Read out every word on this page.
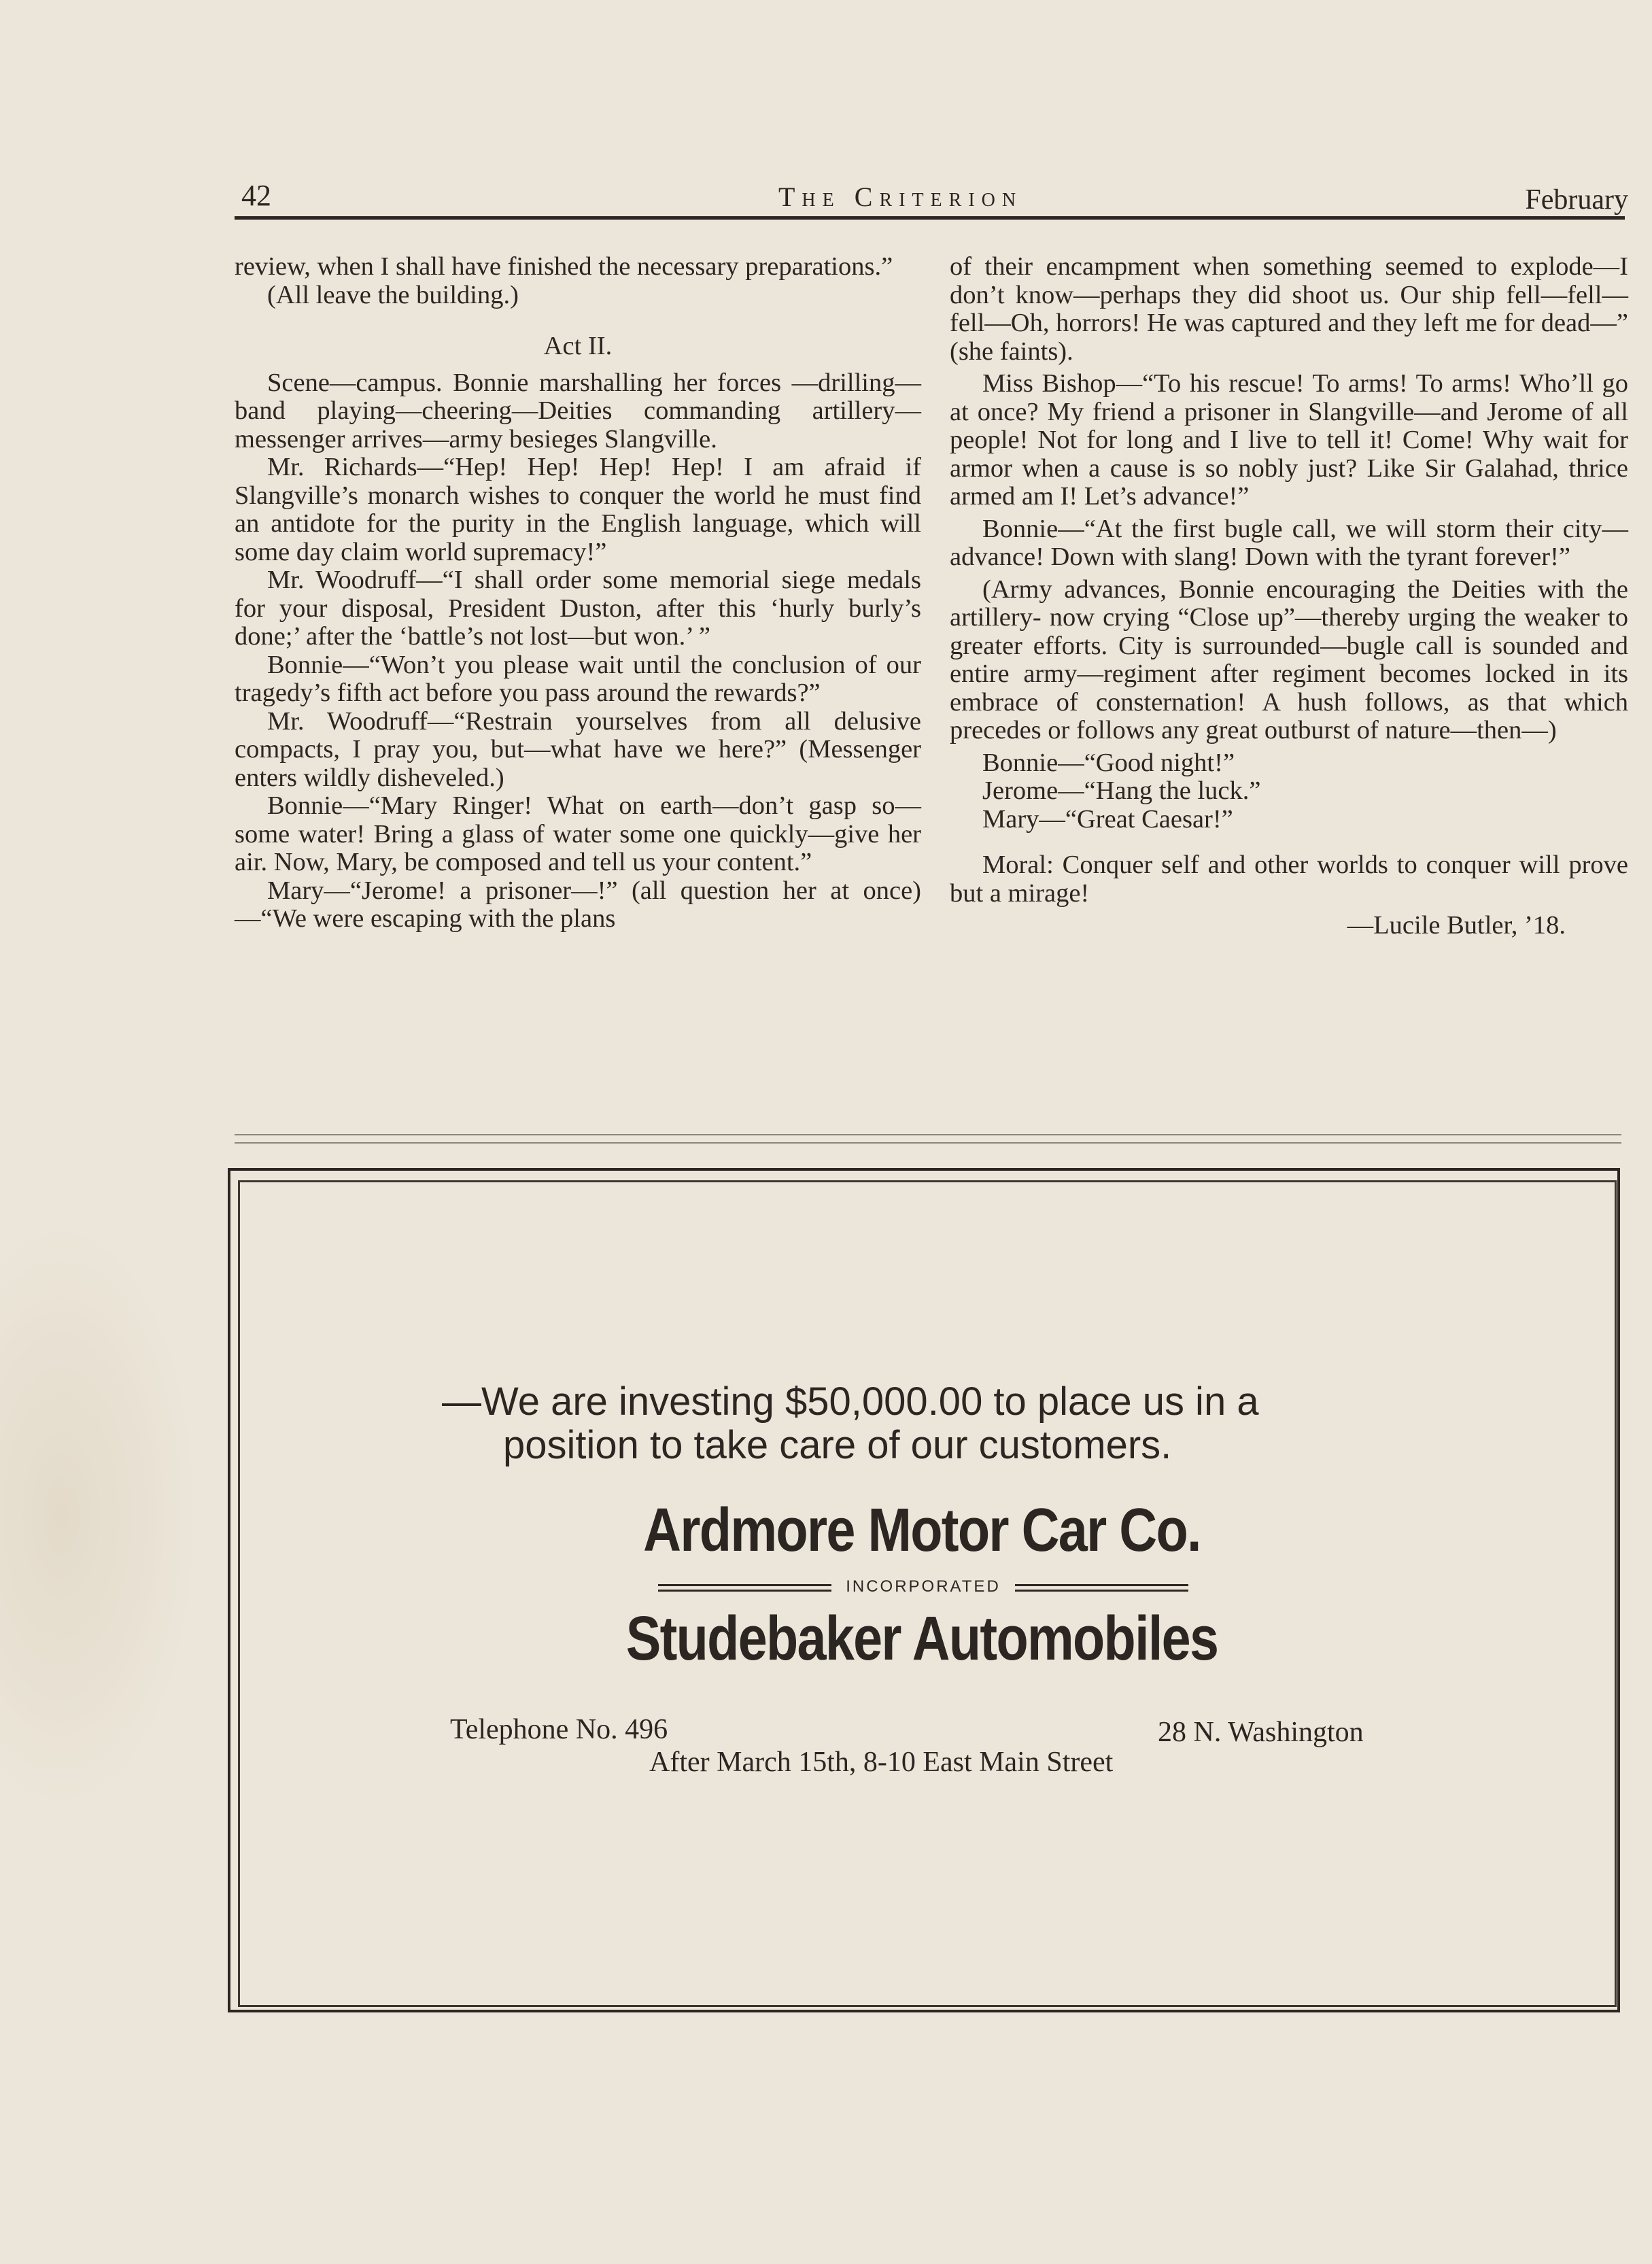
42	The Criterion	February

review, when I shall have finished the necessary preparations.”

(All leave the building.)

Act II.

Scene—campus. Bonnie marshalling her forces —drilling—band playing—cheering—Deities commanding artillery—messenger arrives—army besieges Slangville.

Mr. Richards—“Hep! Hep! Hep! Hep! I am afraid if Slangville’s monarch wishes to conquer the world he must find an antidote for the purity in the English language, which will some day claim world supremacy!”

Mr. Woodruff—“I shall order some memorial siege medals for your disposal, President Duston, after this ‘hurly burly’s done;’ after the ‘battle’s not lost—but won.’ ”

Bonnie—“Won’t you please wait until the conclusion of our tragedy’s fifth act before you pass around the rewards?”

Mr. Woodruff—“Restrain yourselves from all delusive compacts, I pray you, but—what have we here?” (Messenger enters wildly disheveled.)

Bonnie—“Mary Ringer! What on earth—don’t gasp so—some water! Bring a glass of water some one quickly—give her air. Now, Mary, be composed and tell us your content.”

Mary—“Jerome! a prisoner—!” (all question her at once)—“We were escaping with the plans

of their encampment when something seemed to explode—I don’t know—perhaps they did shoot us. Our ship fell—fell—fell—Oh, horrors! He was captured and they left me for dead—” (she faints).

Miss Bishop—“To his rescue! To arms! To arms! Who’ll go at once? My friend a prisoner in Slangville—and Jerome of all people! Not for long and I live to tell it! Come! Why wait for armor when a cause is so nobly just? Like Sir Galahad, thrice armed am I! Let’s advance!”

Bonnie—“At the first bugle call, we will storm their city—advance! Down with slang! Down with the tyrant forever!”

(Army advances, Bonnie encouraging the Deities with the artillery- now crying “Close up”—thereby urging the weaker to greater efforts. City is surrounded—bugle call is sounded and entire army—regiment after regiment becomes locked in its embrace of consternation! A hush follows, as that which precedes or follows any great outburst of nature—then—)

Bonnie—“Good night!”

Jerome—“Hang the luck.”

Mary—“Great Caesar!”

Moral: Conquer self and other worlds to conquer will prove but a mirage!

—Lucile Butler, ’18.

—We are investing $50,000.00 to place us in a
position to take care of our customers.
Ardmore Motor Car Co.
INCORPORATED
Studebaker Automobiles
Telephone No. 496	28 N. Washington
After March 15th, 8-10 East Main Street
